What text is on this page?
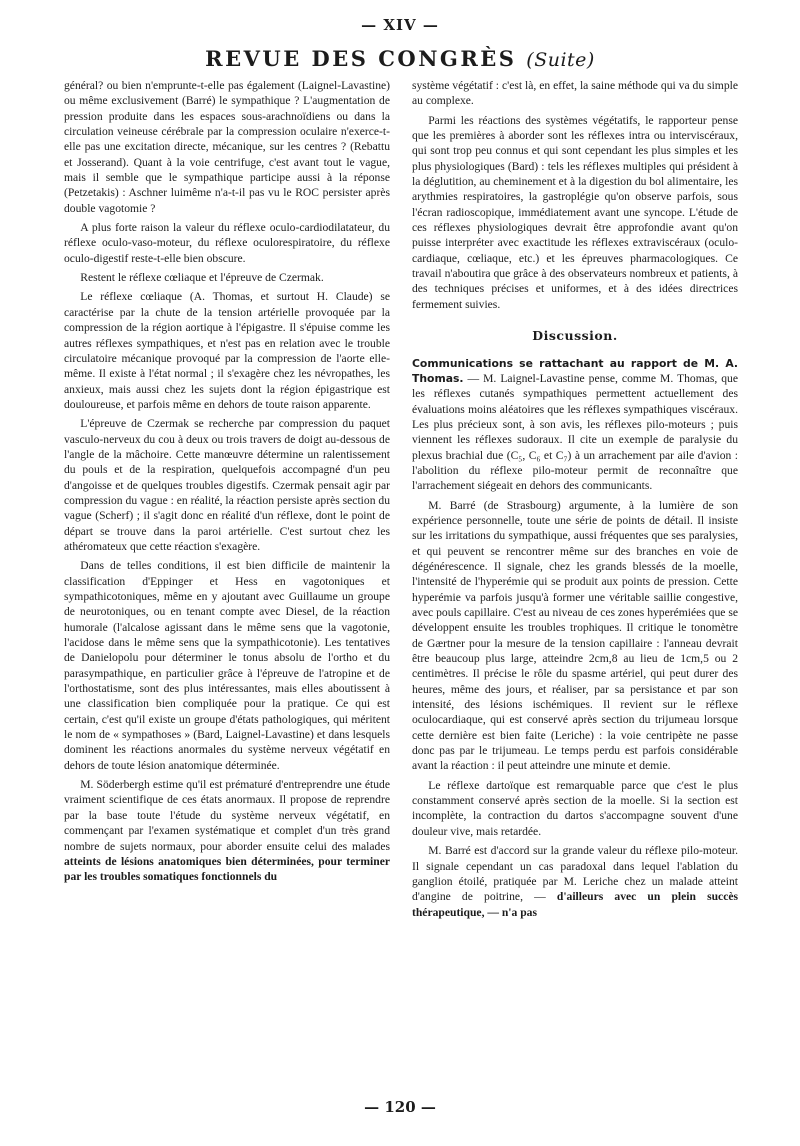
— XIV —
REVUE DES CONGRÈS (Suite)

général? ou bien n'emprunte-t-elle pas également (Laignel-Lavastine) ou même exclusivement (Barré) le sympathique ? L'augmentation de pression produite dans les espaces sous-arachnoïdiens ou dans la circulation veineuse cérébrale par la compression oculaire n'exerce-t-elle pas une excitation directe, mécanique, sur les centres ? (Rebattu et Josserand). Quant à la voie centrifuge, c'est avant tout le vague, mais il semble que le sympathique participe aussi à la réponse (Petzetakis) : Aschner luimême n'a-t-il pas vu le ROC persister après double vagotomie ?

A plus forte raison la valeur du réflexe oculo-cardiodilatateur, du réflexe oculo-vaso-moteur, du réflexe oculorespiratoire, du réflexe oculo-digestif reste-t-elle bien obscure.

Restent le réflexe cœliaque et l'épreuve de Czermak.

Le réflexe cœliaque (A. Thomas, et surtout H. Claude) se caractérise par la chute de la tension artérielle provoquée par la compression de la région aortique à l'épigastre. Il s'épuise comme les autres réflexes sympathiques, et n'est pas en relation avec le trouble circulatoire mécanique provoqué par la compression de l'aorte elle-même. Il existe à l'état normal ; il s'exagère chez les névropathes, les anxieux, mais aussi chez les sujets dont la région épigastrique est douloureuse, et parfois même en dehors de toute raison apparente.

L'épreuve de Czermak se recherche par compression du paquet vasculo-nerveux du cou à deux ou trois travers de doigt au-dessous de l'angle de la mâchoire. Cette manœuvre détermine un ralentissement du pouls et de la respiration, quelquefois accompagné d'un peu d'angoisse et de quelques troubles digestifs. Czermak pensait agir par compression du vague : en réalité, la réaction persiste après section du vague (Scherf) ; il s'agit donc en réalité d'un réflexe, dont le point de départ se trouve dans la paroi artérielle. C'est surtout chez les athéromateux que cette réaction s'exagère.

Dans de telles conditions, il est bien difficile de maintenir la classification d'Eppinger et Hess en vagotoniques et sympathicotoniques, même en y ajoutant avec Guillaume un groupe de neurotoniques, ou en tenant compte avec Diesel, de la réaction humorale (l'alcalose agissant dans le même sens que la vagotonie, l'acidose dans le même sens que la sympathicotonie). Les tentatives de Danielopolu pour déterminer le tonus absolu de l'ortho et du parasympathique, en particulier grâce à l'épreuve de l'atropine et de l'orthostatisme, sont des plus intéressantes, mais elles aboutissent à une classification bien compliquée pour la pratique. Ce qui est certain, c'est qu'il existe un groupe d'états pathologiques, qui méritent le nom de « sympathoses » (Bard, Laignel-Lavastine) et dans lesquels dominent les réactions anormales du système nerveux végétatif en dehors de toute lésion anatomique déterminée.

M. Söderbergh estime qu'il est prématuré d'entreprendre une étude vraiment scientifique de ces états anormaux. Il propose de reprendre par la base toute l'étude du système nerveux végétatif, en commençant par l'examen systématique et complet d'un très grand nombre de sujets normaux, pour aborder ensuite celui des malades atteints de lésions anatomiques bien déterminées, pour terminer par les troubles somatiques fonctionnels du

système végétatif : c'est là, en effet, la saine méthode qui va du simple au complexe.

Parmi les réactions des systèmes végétatifs, le rapporteur pense que les premières à aborder sont les réflexes intra ou interviscéraux, qui sont trop peu connus et qui sont cependant les plus simples et les plus physiologiques (Bard) : tels les réflexes multiples qui président à la déglutition, au cheminement et à la digestion du bol alimentaire, les arythmies respiratoires, la gastroplégie qu'on observe parfois, sous l'écran radioscopique, immédiatement avant une syncope. L'étude de ces réflexes physiologiques devrait être approfondie avant qu'on puisse interpréter avec exactitude les réflexes extraviscéraux (oculo-cardiaque, cœliaque, etc.) et les épreuves pharmacologiques. Ce travail n'aboutira que grâce à des observateurs nombreux et patients, à des techniques précises et uniformes, et à des idées directrices fermement suivies.

Discussion.

Communications se rattachant au rapport de M. A. Thomas. — M. Laignel-Lavastine pense, comme M. Thomas, que les réflexes cutanés sympathiques permettent actuellement des évaluations moins aléatoires que les réflexes sympathiques viscéraux. Les plus précieux sont, à son avis, les réflexes pilo-moteurs ; puis viennent les réflexes sudoraux. Il cite un exemple de paralysie du plexus brachial due (C₅, C₆ et C₇) à un arrachement par aile d'avion : l'abolition du réflexe pilo-moteur permit de reconnaître que l'arrachement siégeait en dehors des communicants.

M. Barré (de Strasbourg) argumente, à la lumière de son expérience personnelle, toute une série de points de détail. Il insiste sur les irritations du sympathique, aussi fréquentes que ses paralysies, et qui peuvent se rencontrer même sur des branches en voie de dégénérescence. Il signale, chez les grands blessés de la moelle, l'intensité de l'hyperémie qui se produit aux points de pression. Cette hyperémie va parfois jusqu'à former une véritable saillie congestive, avec pouls capillaire. C'est au niveau de ces zones hyperémiées que se développent ensuite les troubles trophiques. Il critique le tonomètre de Gærtner pour la mesure de la tension capillaire : l'anneau devrait être beaucoup plus large, atteindre 2cm,8 au lieu de 1cm,5 ou 2 centimètres. Il précise le rôle du spasme artériel, qui peut durer des heures, même des jours, et réaliser, par sa persistance et par son intensité, des lésions ischémiques. Il revient sur le réflexe oculocardiaque, qui est conservé après section du trijumeau lorsque cette dernière est bien faite (Leriche) : la voie centripète ne passe donc pas par le trijumeau. Le temps perdu est parfois considérable avant la réaction : il peut atteindre une minute et demie.

Le réflexe dartoïque est remarquable parce que c'est le plus constamment conservé après section de la moelle. Si la section est incomplète, la contraction du dartos s'accompagne souvent d'une douleur vive, mais retardée.

M. Barré est d'accord sur la grande valeur du réflexe pilo-moteur. Il signale cependant un cas paradoxal dans lequel l'ablation du ganglion étoilé, pratiquée par M. Leriche chez un malade atteint d'angine de poitrine, — d'ailleurs avec un plein succès thérapeutique, — n'a pas

— 120 —
